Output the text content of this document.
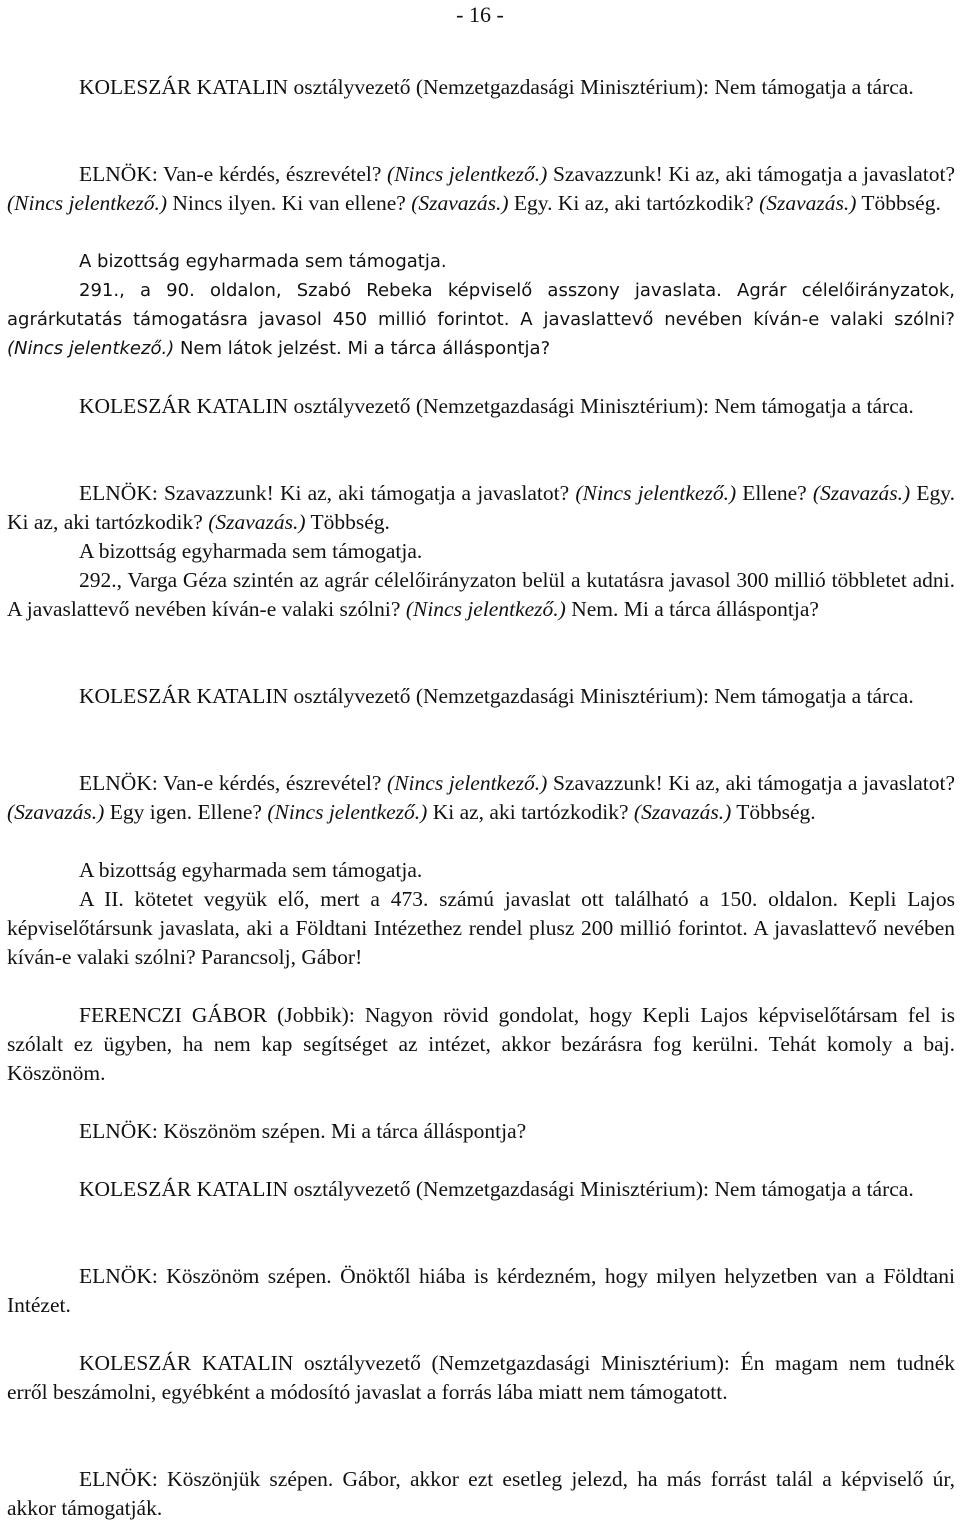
- 16 -
KOLESZÁR KATALIN osztályvezető (Nemzetgazdasági Minisztérium): Nem támogatja a tárca.
ELNÖK: Van-e kérdés, észrevétel? (Nincs jelentkező.) Szavazzunk! Ki az, aki támogatja a javaslatot? (Nincs jelentkező.) Nincs ilyen. Ki van ellene? (Szavazás.) Egy. Ki az, aki tartózkodik? (Szavazás.) Többség.
A bizottság egyharmada sem támogatja.
291., a 90. oldalon, Szabó Rebeka képviselő asszony javaslata. Agrár célelőirányzatok, agrárkutatás támogatásra javasol 450 millió forintot. A javaslattevő nevében kíván-e valaki szólni? (Nincs jelentkező.) Nem látok jelzést. Mi a tárca álláspontja?
KOLESZÁR KATALIN osztályvezető (Nemzetgazdasági Minisztérium): Nem támogatja a tárca.
ELNÖK: Szavazzunk! Ki az, aki támogatja a javaslatot? (Nincs jelentkező.) Ellene? (Szavazás.) Egy. Ki az, aki tartózkodik? (Szavazás.) Többség.
A bizottság egyharmada sem támogatja.
292., Varga Géza szintén az agrár célelőirányzaton belül a kutatásra javasol 300 millió többletet adni. A javaslattevő nevében kíván-e valaki szólni? (Nincs jelentkező.) Nem. Mi a tárca álláspontja?
KOLESZÁR KATALIN osztályvezető (Nemzetgazdasági Minisztérium): Nem támogatja a tárca.
ELNÖK: Van-e kérdés, észrevétel? (Nincs jelentkező.) Szavazzunk! Ki az, aki támogatja a javaslatot? (Szavazás.) Egy igen. Ellene? (Nincs jelentkező.) Ki az, aki tartózkodik? (Szavazás.) Többség.
A bizottság egyharmada sem támogatja.
A II. kötetet vegyük elő, mert a 473. számú javaslat ott található a 150. oldalon. Kepli Lajos képviselőtársunk javaslata, aki a Földtani Intézethez rendel plusz 200 millió forintot. A javaslattevő nevében kíván-e valaki szólni? Parancsolj, Gábor!
FERENCZI GÁBOR (Jobbik): Nagyon rövid gondolat, hogy Kepli Lajos képviselőtársam fel is szólalt ez ügyben, ha nem kap segítséget az intézet, akkor bezárásra fog kerülni. Tehát komoly a baj. Köszönöm.
ELNÖK: Köszönöm szépen. Mi a tárca álláspontja?
KOLESZÁR KATALIN osztályvezető (Nemzetgazdasági Minisztérium): Nem támogatja a tárca.
ELNÖK: Köszönöm szépen. Önöktől hiába is kérdezném, hogy milyen helyzetben van a Földtani Intézet.
KOLESZÁR KATALIN osztályvezető (Nemzetgazdasági Minisztérium): Én magam nem tudnék erről beszámolni, egyébként a módosító javaslat a forrás lába miatt nem támogatott.
ELNÖK: Köszönjük szépen. Gábor, akkor ezt esetleg jelezd, ha más forrást talál a képviselő úr, akkor támogatják.
